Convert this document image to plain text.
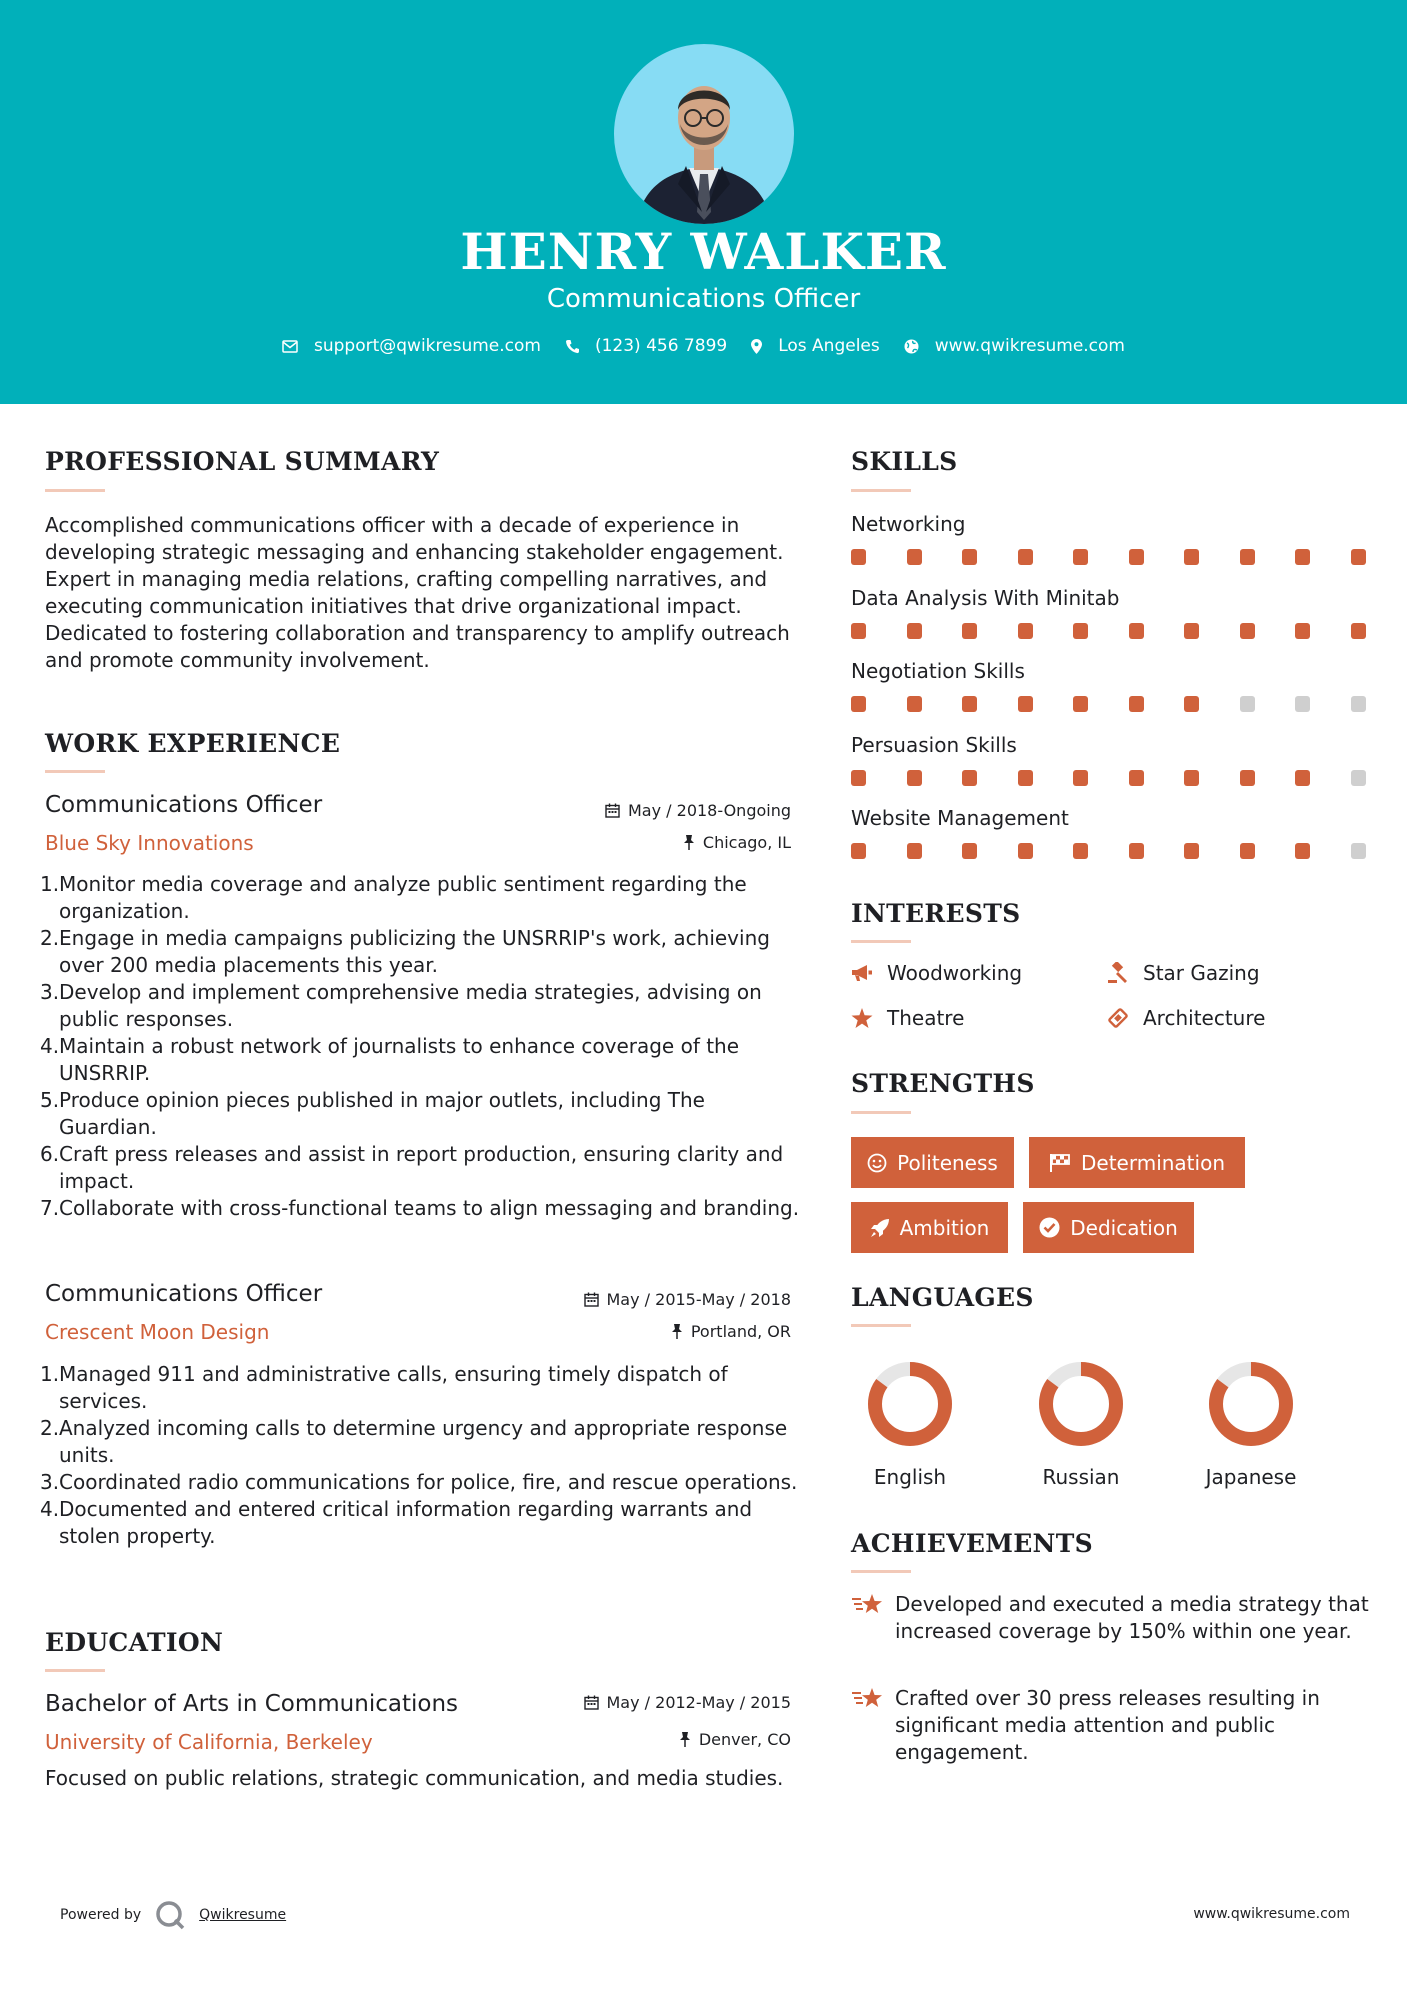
HENRY WALKER
Communications Officer
support@qwikresume.com	(123) 456 7899	Los Angeles	www.qwikresume.com
PROFESSIONAL SUMMARY
Accomplished communications officer with a decade of experience in developing strategic messaging and enhancing stakeholder engagement. Expert in managing media relations, crafting compelling narratives, and executing communication initiatives that drive organizational impact. Dedicated to fostering collaboration and transparency to amplify outreach and promote community involvement.
WORK EXPERIENCE
Communications Officer	May / 2018-Ongoing
Blue Sky Innovations	Chicago, IL
1. Monitor media coverage and analyze public sentiment regarding the organization.
2. Engage in media campaigns publicizing the UNSRRIP's work, achieving over 200 media placements this year.
3. Develop and implement comprehensive media strategies, advising on public responses.
4. Maintain a robust network of journalists to enhance coverage of the UNSRRIP.
5. Produce opinion pieces published in major outlets, including The Guardian.
6. Craft press releases and assist in report production, ensuring clarity and impact.
7. Collaborate with cross-functional teams to align messaging and branding.
Communications Officer	May / 2015-May / 2018
Crescent Moon Design	Portland, OR
1. Managed 911 and administrative calls, ensuring timely dispatch of services.
2. Analyzed incoming calls to determine urgency and appropriate response units.
3. Coordinated radio communications for police, fire, and rescue operations.
4. Documented and entered critical information regarding warrants and stolen property.
EDUCATION
Bachelor of Arts in Communications	May / 2012-May / 2015
University of California, Berkeley	Denver, CO
Focused on public relations, strategic communication, and media studies.
SKILLS
Networking
Data Analysis With Minitab
Negotiation Skills
Persuasion Skills
Website Management
INTERESTS
Woodworking	Star Gazing
Theatre	Architecture
STRENGTHS
Politeness	Determination
Ambition	Dedication
LANGUAGES
English	Russian	Japanese
ACHIEVEMENTS
Developed and executed a media strategy that increased coverage by 150% within one year.
Crafted over 30 press releases resulting in significant media attention and public engagement.
Powered by	Qwikresume	www.qwikresume.com
